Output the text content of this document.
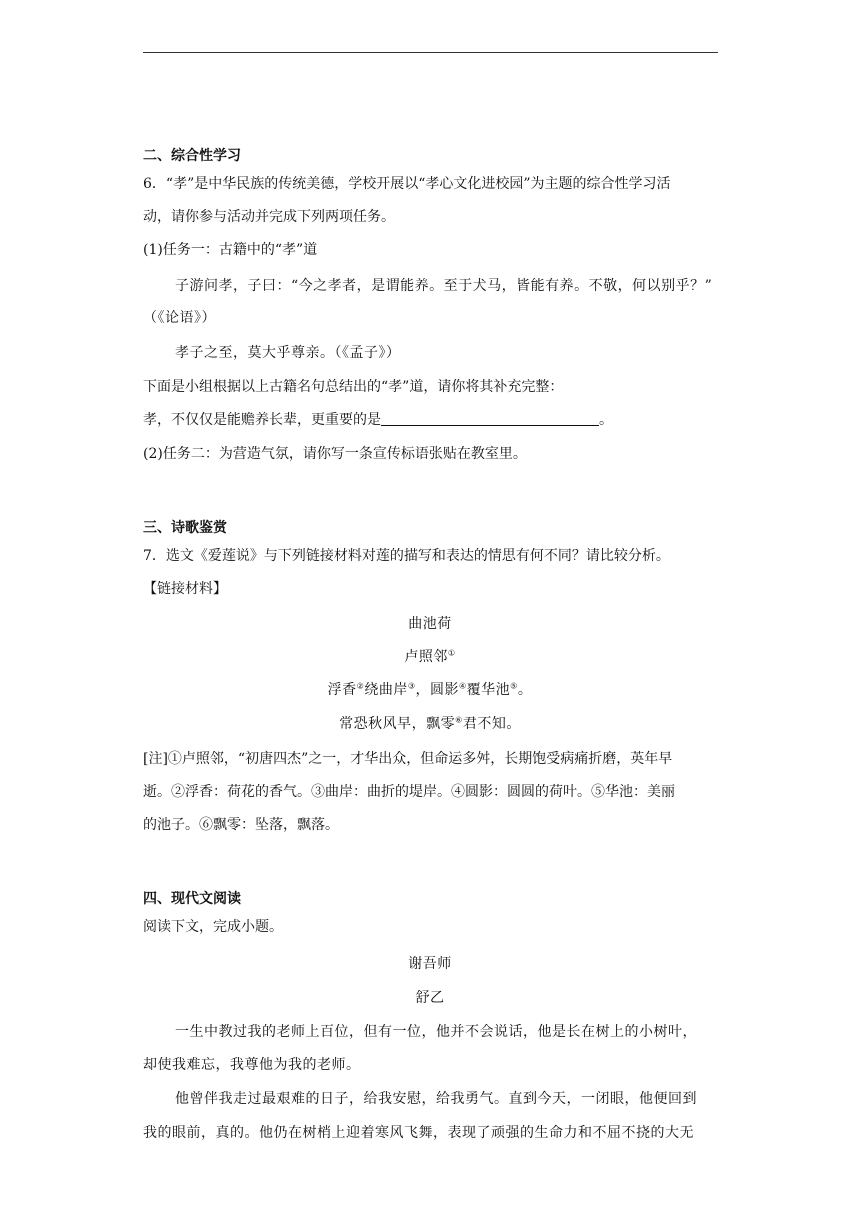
二、综合性学习
6．“孝”是中华民族的传统美德，学校开展以“孝心文化进校园”为主题的综合性学习活
动，请你参与活动并完成下列两项任务。
(1)任务一：古籍中的“孝”道
子游问孝，子曰：“今之孝者，是谓能养。至于犬马，皆能有养。不敬，何以别乎？”
（《论语》）
孝子之至，莫大乎尊亲。（《孟子》）
下面是小组根据以上古籍名句总结出的“孝”道，请你将其补充完整：
孝，不仅仅是能赡养长辈，更重要的是	。
(2)任务二：为营造气氛，请你写一条宣传标语张贴在教室里。
三、诗歌鉴赏
7．选文《爱莲说》与下列链接材料对莲的描写和表达的情思有何不同？请比较分析。
【链接材料】
曲池荷
卢照邻①
浮香②绕曲岸③，圆影④覆华池⑤。
常恐秋风早，飘零⑥君不知。
[注]①卢照邻，“初唐四杰”之一，才华出众，但命运多舛，长期饱受病痛折磨，英年早
逝。②浮香：荷花的香气。③曲岸：曲折的堤岸。④圆影：圆圆的荷叶。⑤华池：美丽
的池子。⑥飘零：坠落，飘落。
四、现代文阅读
阅读下文，完成小题。
谢吾师
舒乙
一生中教过我的老师上百位，但有一位，他并不会说话，他是长在树上的小树叶，
却使我难忘，我尊他为我的老师。
他曾伴我走过最艰难的日子，给我安慰，给我勇气。直到今天，一闭眼，他便回到
我的眼前，真的。他仍在树梢上迎着寒风飞舞，表现了顽强的生命力和不屈不挠的大无
